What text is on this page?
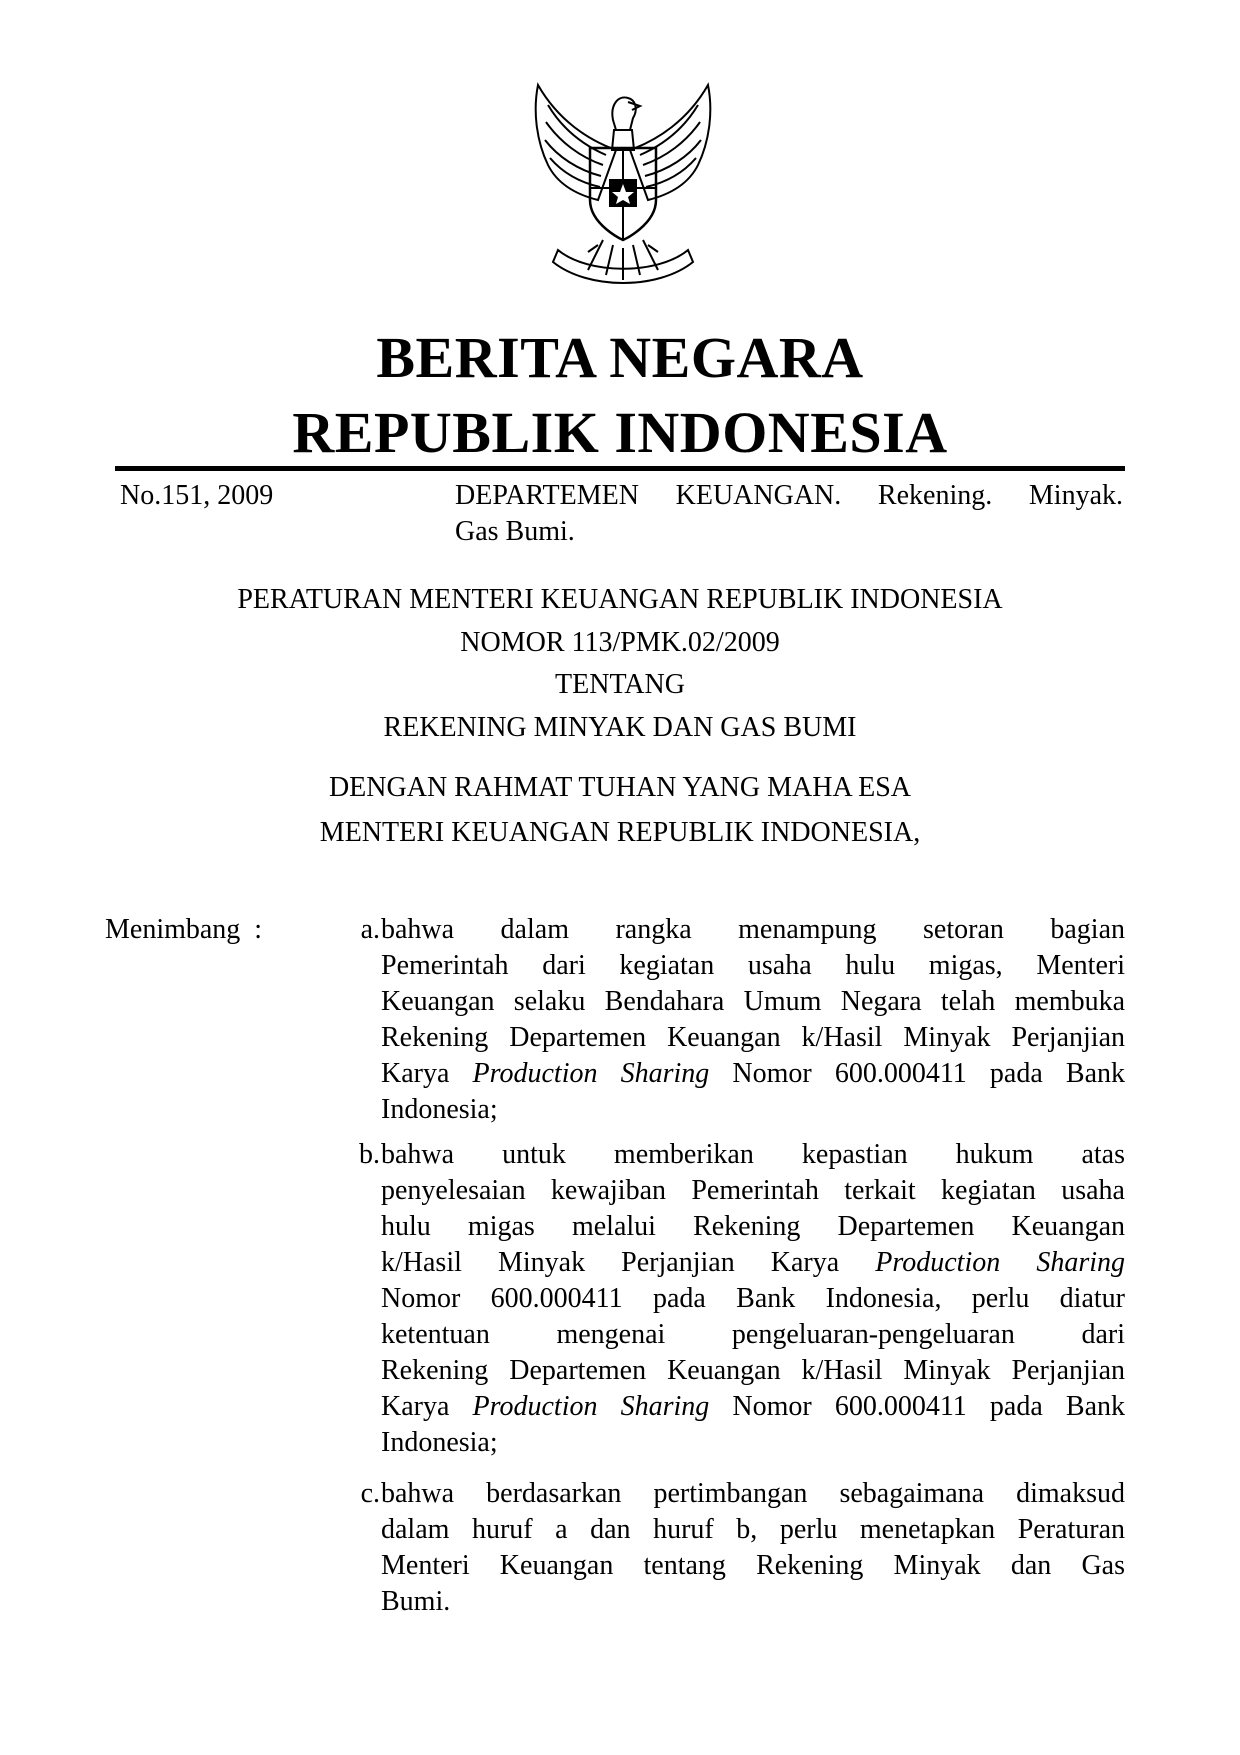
BERITA NEGARA
REPUBLIK INDONESIA
No.151, 2009	DEPARTEMEN  KEUANGAN.  Rekening.  Minyak.
Gas Bumi.
PERATURAN MENTERI KEUANGAN REPUBLIK INDONESIA
NOMOR 113/PMK.02/2009
TENTANG
REKENING MINYAK DAN GAS BUMI
DENGAN RAHMAT TUHAN YANG MAHA ESA
MENTERI KEUANGAN REPUBLIK INDONESIA,
Menimbang  :	a. bahwa dalam rangka menampung setoran bagian
Pemerintah dari kegiatan usaha hulu migas, Menteri
Keuangan selaku Bendahara Umum Negara telah membuka
Rekening Departemen Keuangan k/Hasil Minyak Perjanjian
Karya Production Sharing Nomor 600.000411 pada Bank
Indonesia;
b. bahwa untuk memberikan kepastian hukum atas
penyelesaian kewajiban Pemerintah terkait kegiatan usaha
hulu migas melalui Rekening Departemen Keuangan
k/Hasil Minyak Perjanjian Karya Production Sharing
Nomor 600.000411 pada Bank Indonesia, perlu diatur
ketentuan mengenai pengeluaran-pengeluaran dari
Rekening Departemen Keuangan k/Hasil Minyak Perjanjian
Karya Production Sharing Nomor 600.000411 pada Bank
Indonesia;
c. bahwa berdasarkan pertimbangan sebagaimana dimaksud
dalam huruf a dan huruf b, perlu menetapkan Peraturan
Menteri Keuangan tentang Rekening Minyak dan Gas
Bumi.
